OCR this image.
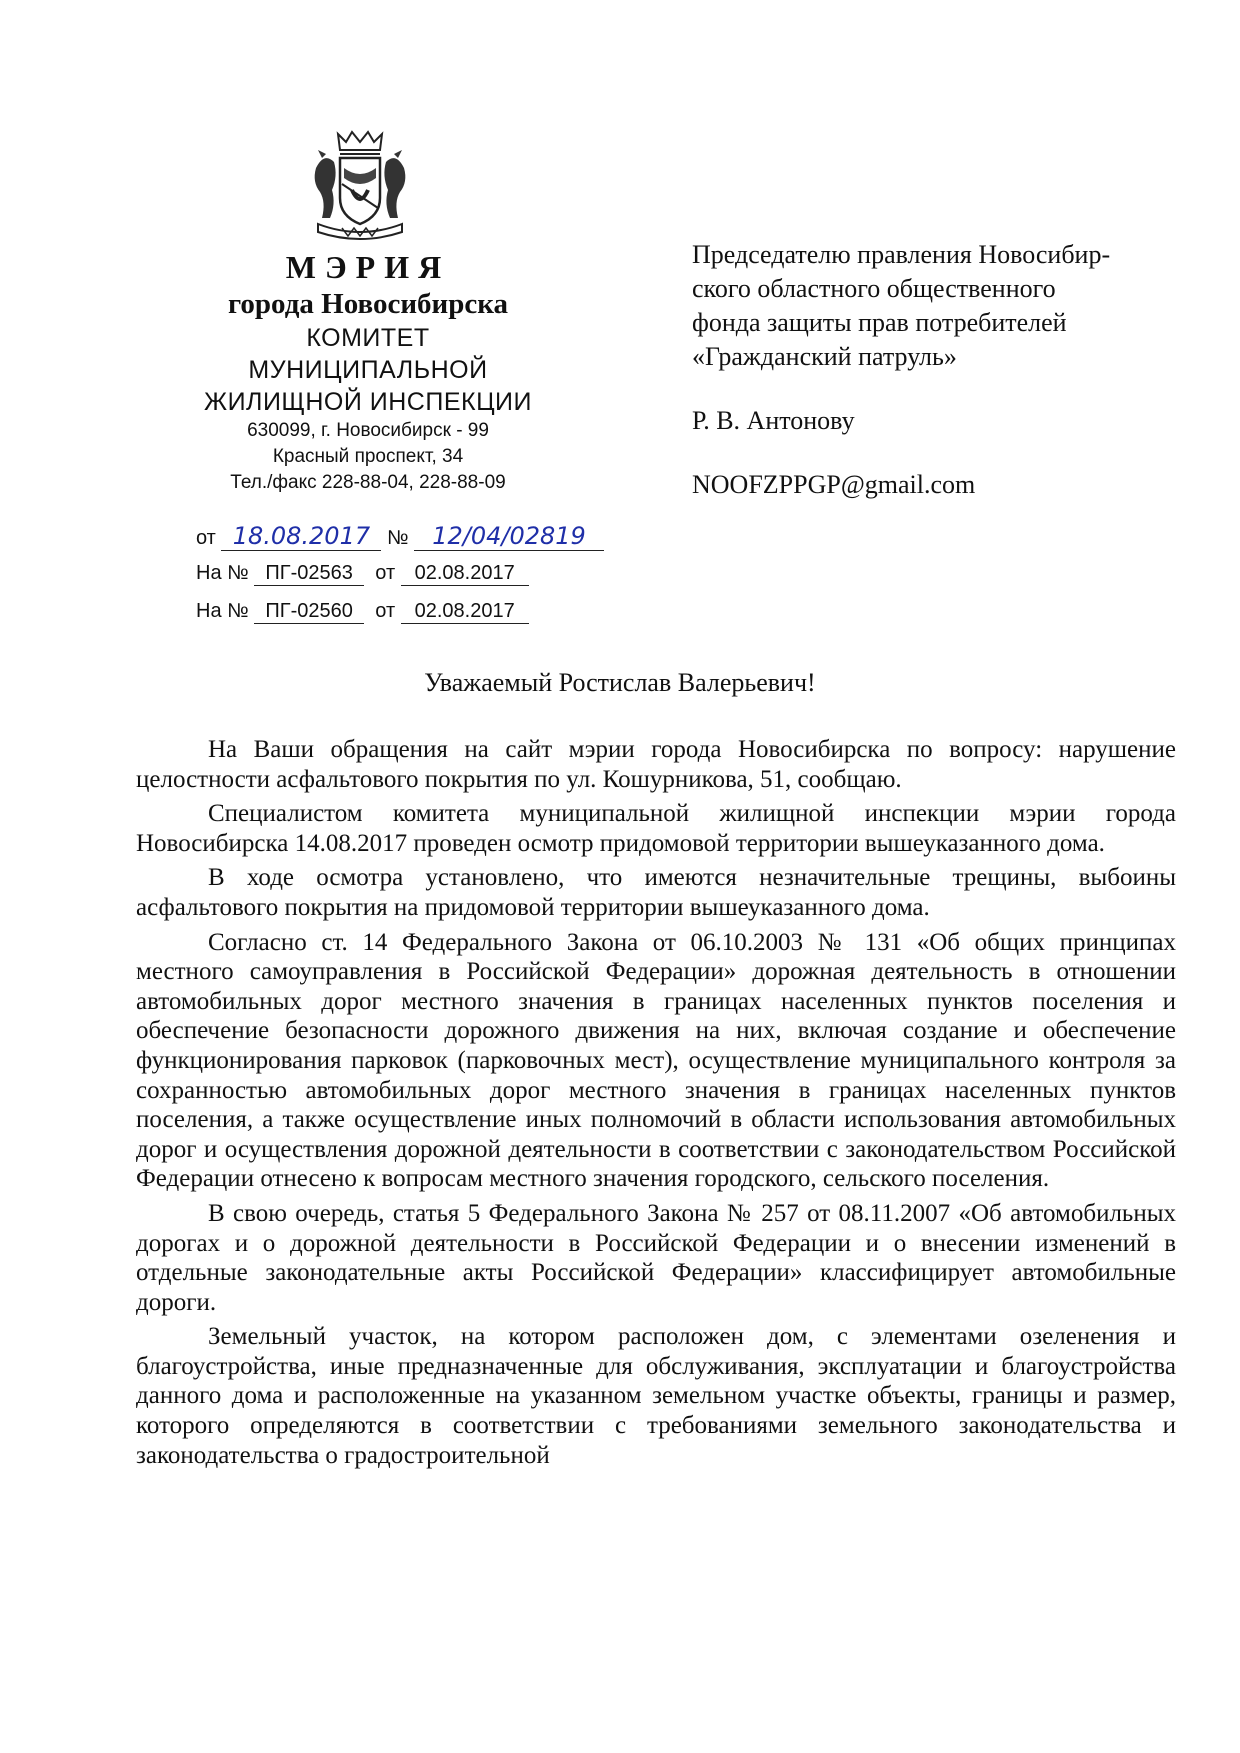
МЭРИЯ
города Новосибирска
КОМИТЕТ
МУНИЦИПАЛЬНОЙ
ЖИЛИЩНОЙ ИНСПЕКЦИИ
630099, г. Новосибирск - 99
Красный проспект, 34
Тел./факс 228-88-04, 228-88-09
от 18.08.2017 № 12/04/02819
На № ПГ-02563 от 02.08.2017
На № ПГ-02560 от 02.08.2017
Председателю правления Новосибир-
ского областного общественного
фонда защиты прав потребителей
«Гражданский патруль»
Р. В. Антонову
NOOFZPPGP@gmail.com
Уважаемый Ростислав Валерьевич!

На Ваши обращения на сайт мэрии города Новосибирска по вопросу: нарушение целостности асфальтового покрытия по ул. Кошурникова, 51, сообщаю.

Специалистом комитета муниципальной жилищной инспекции мэрии города Новосибирска 14.08.2017 проведен осмотр придомовой территории вышеуказанного дома.

В ходе осмотра установлено, что имеются незначительные трещины, выбоины асфальтового покрытия на придомовой территории вышеуказанного дома.

Согласно ст. 14 Федерального Закона от 06.10.2003 № 131 «Об общих принципах местного самоуправления в Российской Федерации» дорожная деятельность в отношении автомобильных дорог местного значения в границах населенных пунктов поселения и обеспечение безопасности дорожного движения на них, включая создание и обеспечение функционирования парковок (парковочных мест), осуществление муниципального контроля за сохранностью автомобильных дорог местного значения в границах населенных пунктов поселения, а также осуществление иных полномочий в области использования автомобильных дорог и осуществления дорожной деятельности в соответствии с законодательством Российской Федерации отнесено к вопросам местного значения городского, сельского поселения.

В свою очередь, статья 5 Федерального Закона № 257 от 08.11.2007 «Об автомобильных дорогах и о дорожной деятельности в Российской Федерации и о внесении изменений в отдельные законодательные акты Российской Федерации» классифицирует автомобильные дороги.

Земельный участок, на котором расположен дом, с элементами озеленения и благоустройства, иные предназначенные для обслуживания, эксплуатации и благоустройства данного дома и расположенные на указанном земельном участке объекты, границы и размер, которого определяются в соответствии с требованиями земельного законодательства и законодательства о градостроительной
